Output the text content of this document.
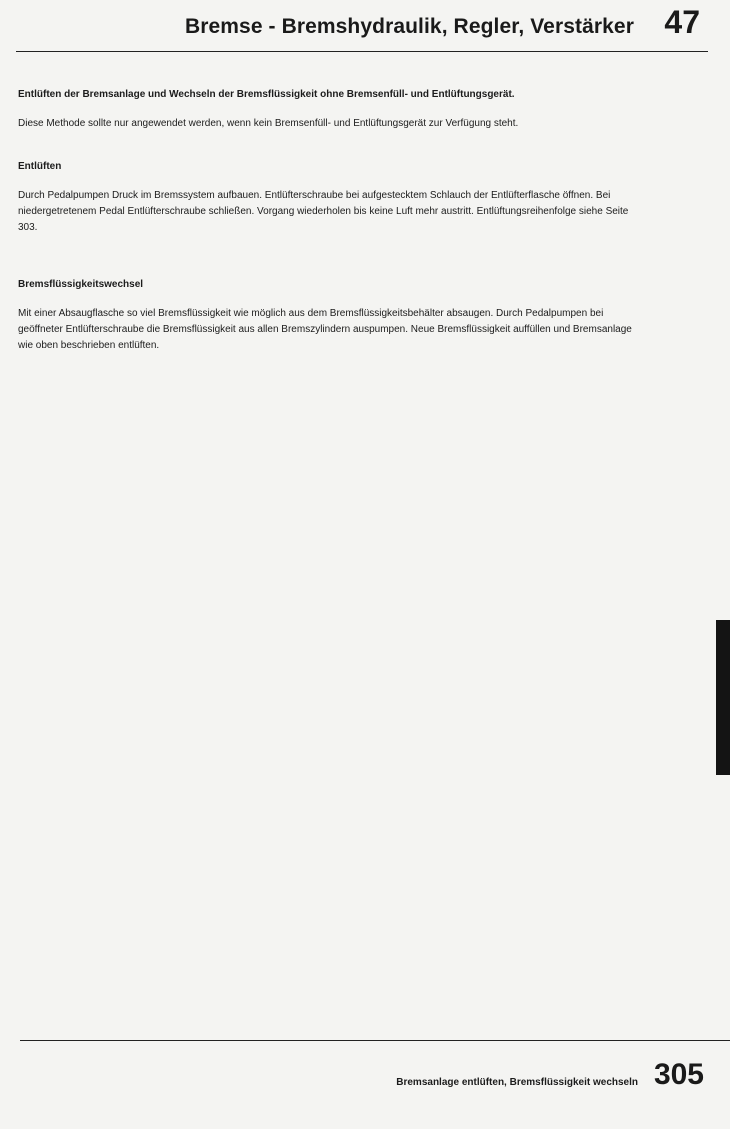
Bremse - Bremshydraulik, Regler, Verstärker 47

Entlüften der Bremsanlage und Wechseln der Bremsflüssigkeit ohne Bremsenfüll- und Entlüftungsgerät.

Diese Methode sollte nur angewendet werden, wenn kein Bremsenfüll- und Entlüftungsgerät zur Verfügung steht.

Entlüften

Durch Pedalpumpen Druck im Bremssystem aufbauen. Entlüfterschraube bei aufgestecktem Schlauch der Entlüfterflasche öffnen. Bei niedergetretenem Pedal Entlüfterschraube schließen. Vorgang wiederholen bis keine Luft mehr austritt. Entlüftungsreihenfolge siehe Seite 303.

Bremsflüssigkeitswechsel

Mit einer Absaugflasche so viel Bremsflüssigkeit wie möglich aus dem Bremsflüssigkeitsbehälter absaugen. Durch Pedalpumpen bei geöffneter Entlüfterschraube die Bremsflüssigkeit aus allen Bremszylindern auspumpen. Neue Bremsflüssigkeit auffüllen und Bremsanlage wie oben beschrieben entlüften.

Bremsanlage entlüften, Bremsflüssigkeit wechseln 305
